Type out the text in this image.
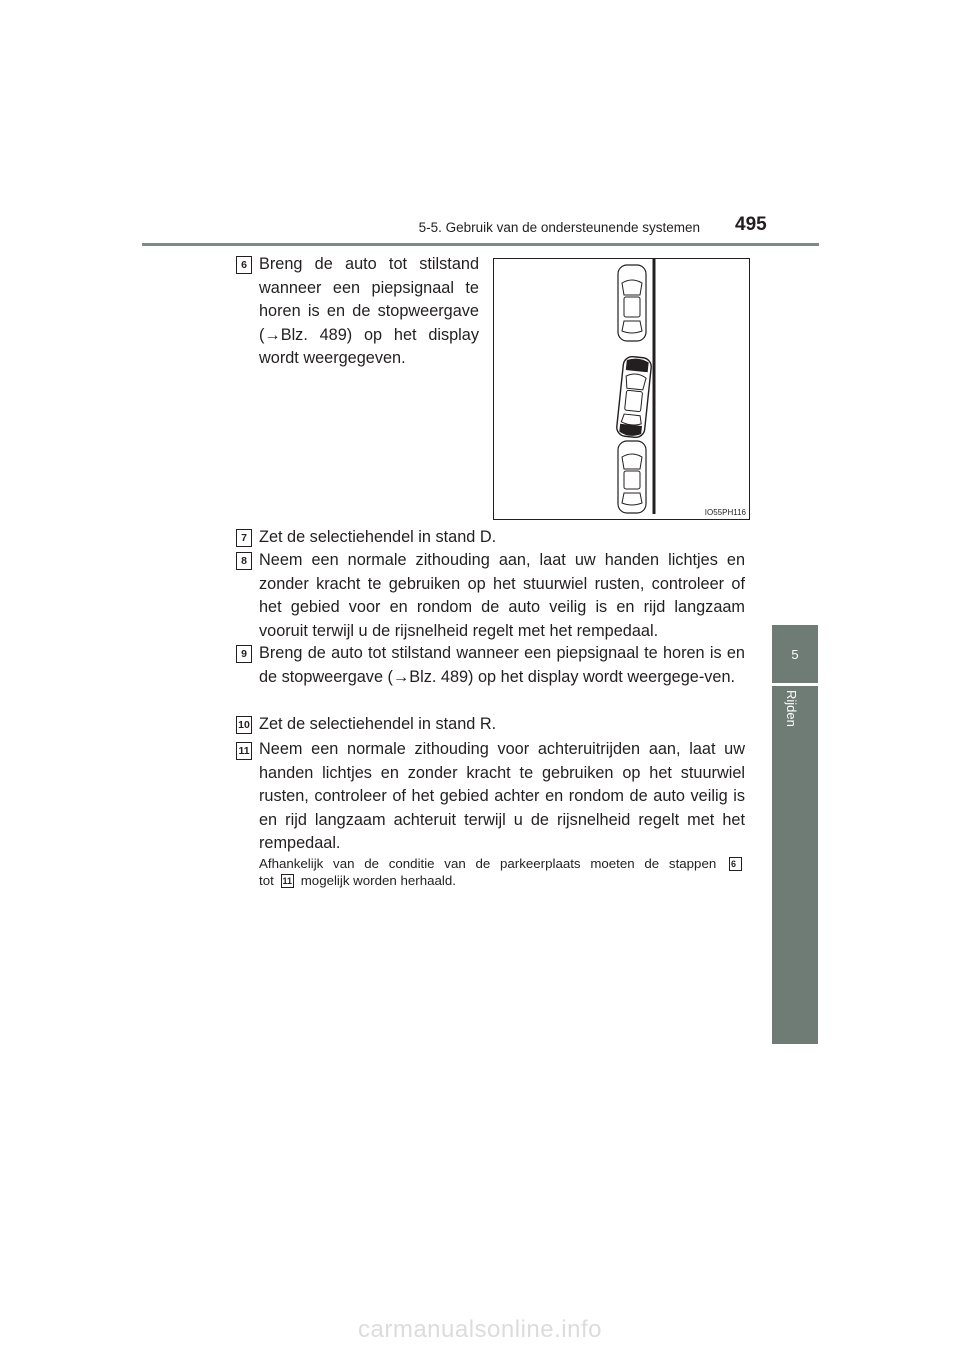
5-5. Gebruik van de ondersteunende systemen 495
5
Rijden
6 Breng de auto tot stilstand wanneer een piepsignaal te horen is en de stopweergave (→Blz. 489) op het display wordt weergegeven.
IO55PH116
7 Zet de selectiehendel in stand D.
8 Neem een normale zithouding aan, laat uw handen lichtjes en zonder kracht te gebruiken op het stuurwiel rusten, controleer of het gebied voor en rondom de auto veilig is en rijd langzaam vooruit terwijl u de rijsnelheid regelt met het rempedaal.
9 Breng de auto tot stilstand wanneer een piepsignaal te horen is en de stopweergave (→Blz. 489) op het display wordt weergege-ven.
10 Zet de selectiehendel in stand R.
11 Neem een normale zithouding voor achteruitrijden aan, laat uw handen lichtjes en zonder kracht te gebruiken op het stuurwiel rusten, controleer of het gebied achter en rondom de auto veilig is en rijd langzaam achteruit terwijl u de rijsnelheid regelt met het rempedaal.
Afhankelijk van de conditie van de parkeerplaats moeten de stappen 6
tot 11 mogelijk worden herhaald.
carmanualsonline.info
